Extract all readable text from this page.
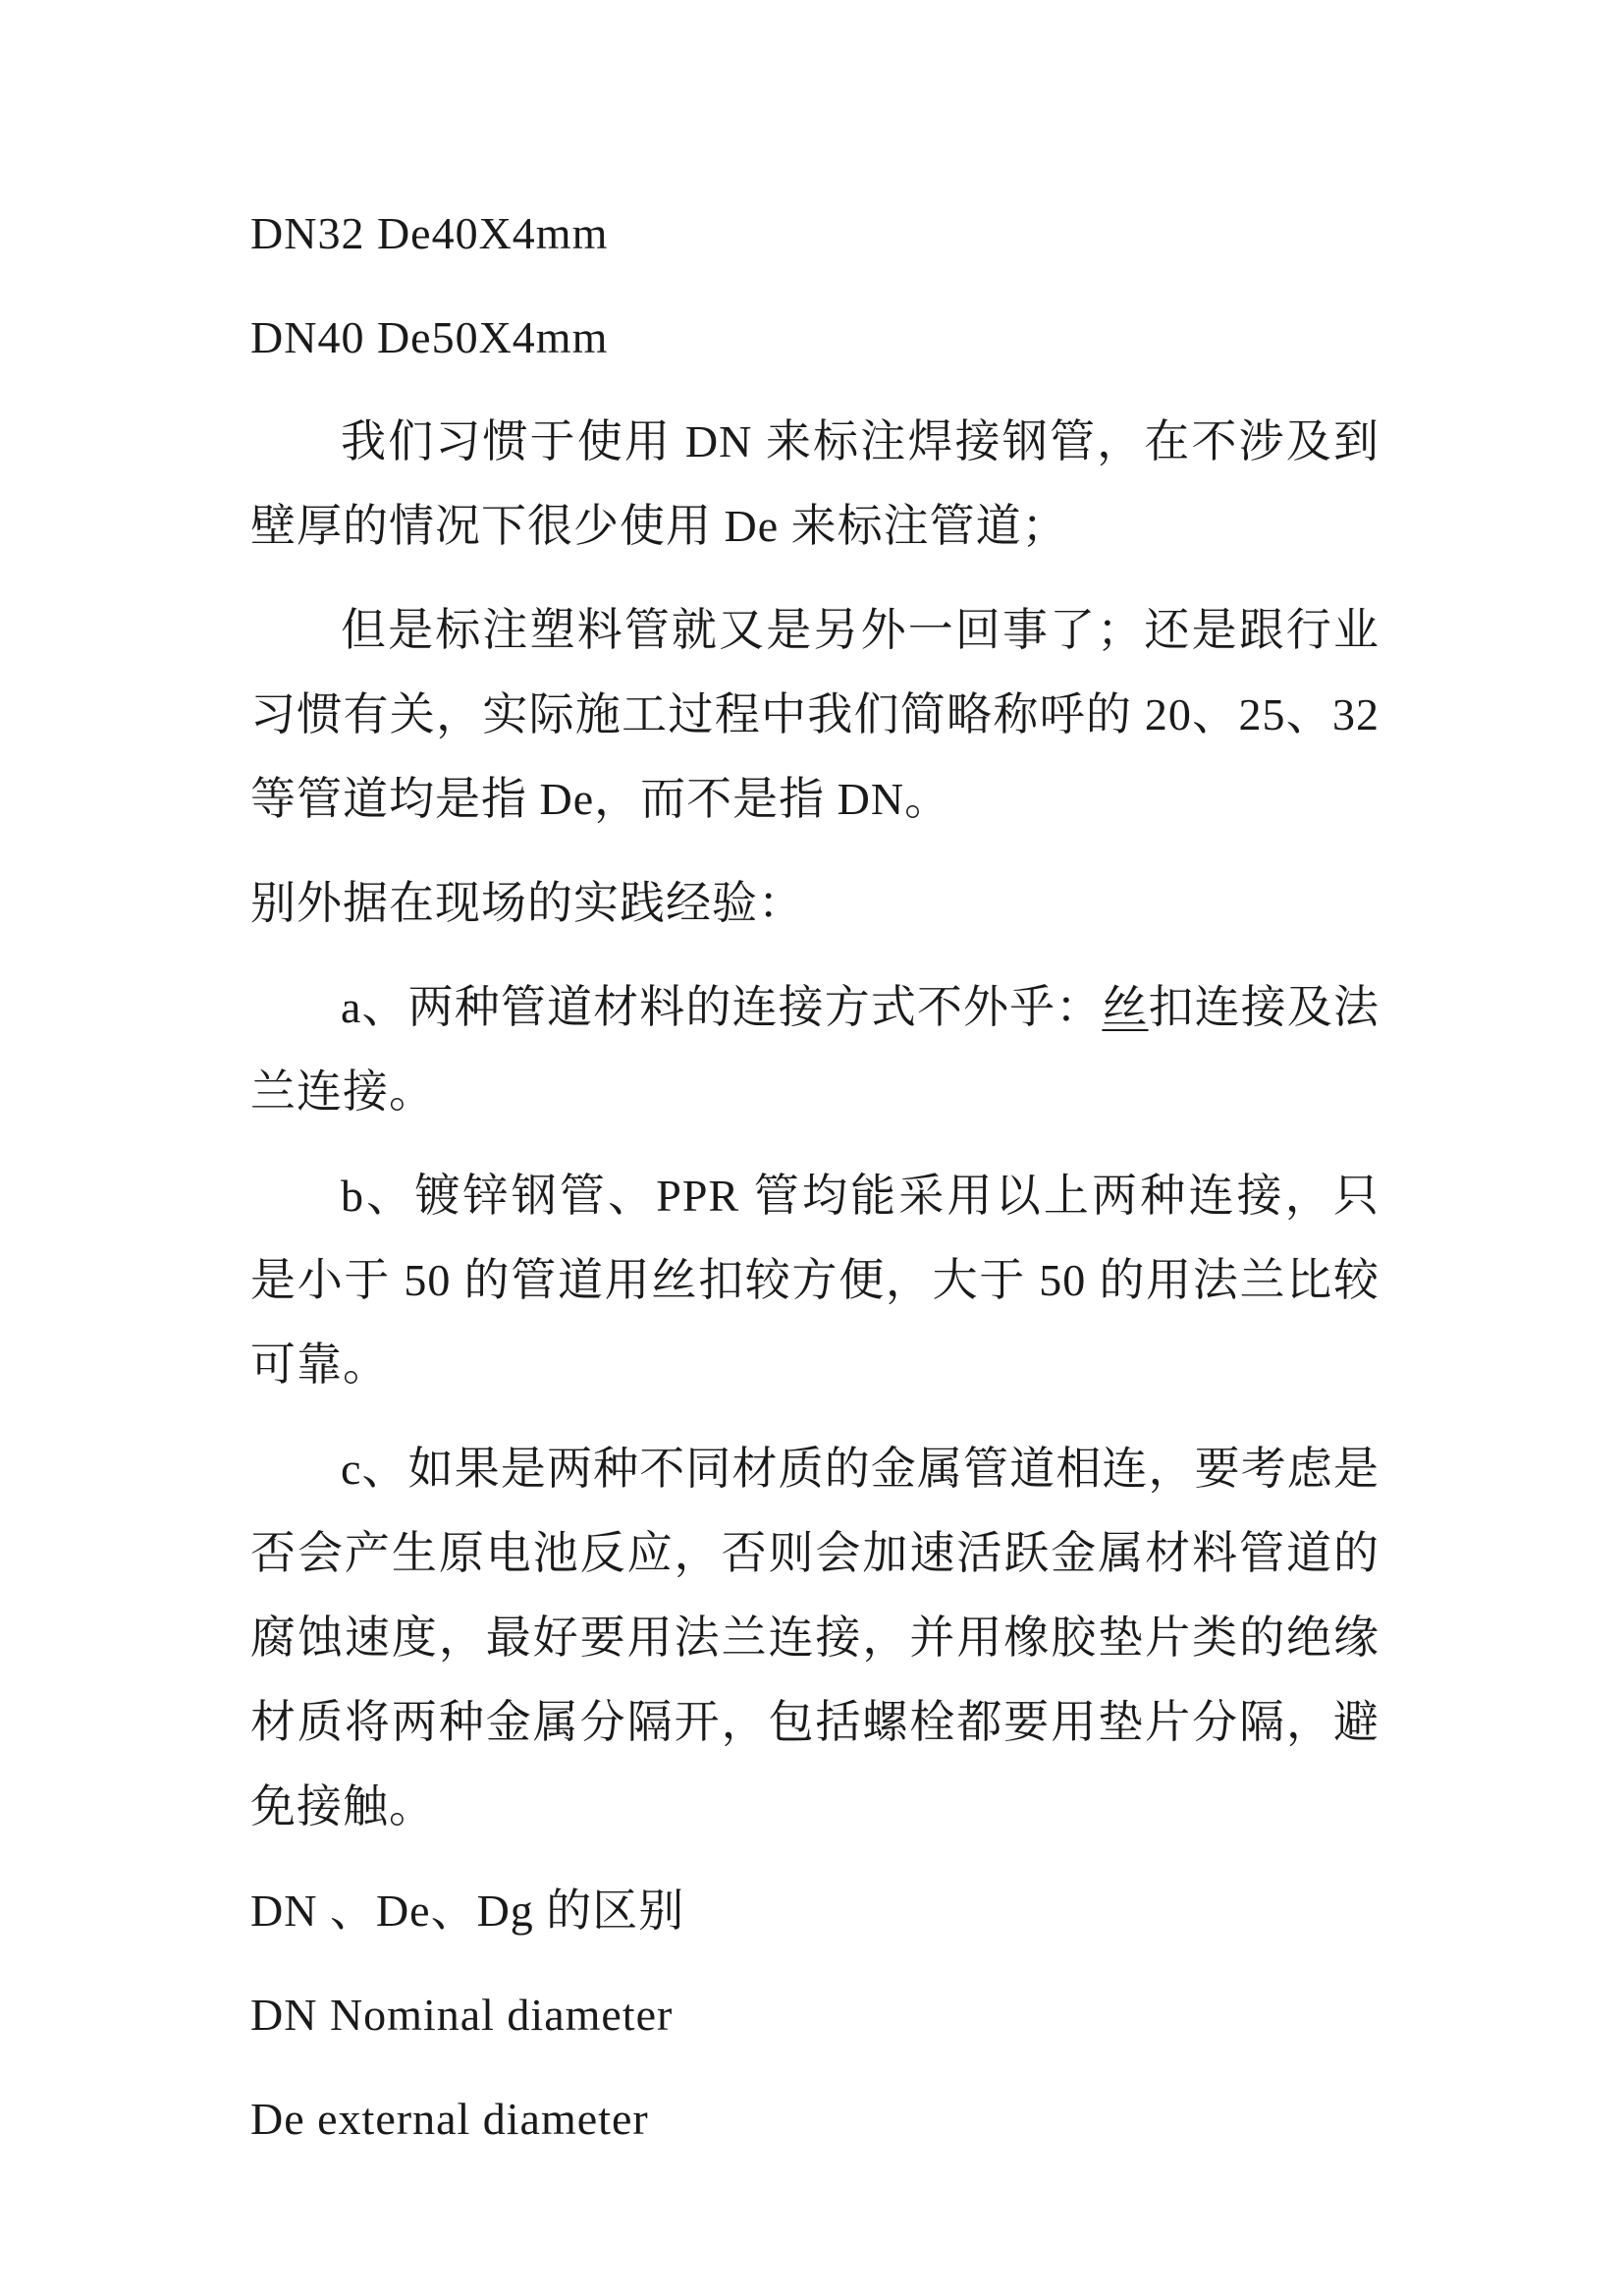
DN32 De40X4mm

DN40 De50X4mm

我们习惯于使用 DN 来标注焊接钢管，在不涉及到壁厚的情况下很少使用 De 来标注管道；

但是标注塑料管就又是另外一回事了；还是跟行业习惯有关，实际施工过程中我们简略称呼的 20、25、32 等管道均是指 De，而不是指 DN。

别外据在现场的实践经验：

a、两种管道材料的连接方式不外乎：丝扣连接及法兰连接。

b、镀锌钢管、PPR 管均能采用以上两种连接，只是小于 50 的管道用丝扣较方便，大于 50 的用法兰比较可靠。

c、如果是两种不同材质的金属管道相连，要考虑是否会产生原电池反应，否则会加速活跃金属材料管道的腐蚀速度，最好要用法兰连接，并用橡胶垫片类的绝缘材质将两种金属分隔开，包括螺栓都要用垫片分隔，避免接触。

DN 、De、Dg 的区别

DN Nominal diameter

De external diameter
